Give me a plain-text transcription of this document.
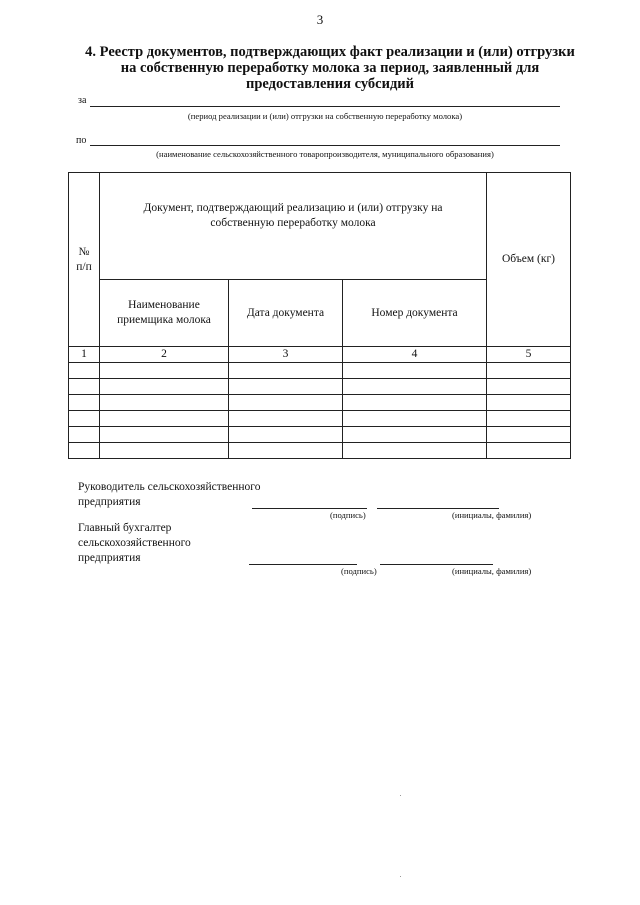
3
4. Реестр документов, подтверждающих факт реализации и (или) отгрузки
на собственную переработку молока за период, заявленный для
предоставления субсидий
за
(период реализации и (или) отгрузки на собственную переработку молока)
по
(наименование сельскохозяйственного товаропроизводителя, муниципального образования)
№
п/п	Документ, подтверждающий реализацию и (или) отгрузку на собственную переработку молока			Объем (кг)
	Наименование приемщика молока	Дата документа	Номер документа	
1	2	3	4	5

Руководитель сельскохозяйственного
предприятия
(подпись)	(инициалы, фамилия)
Главный бухгалтер
сельскохозяйственного
предприятия
(подпись)	(инициалы, фамилия)
